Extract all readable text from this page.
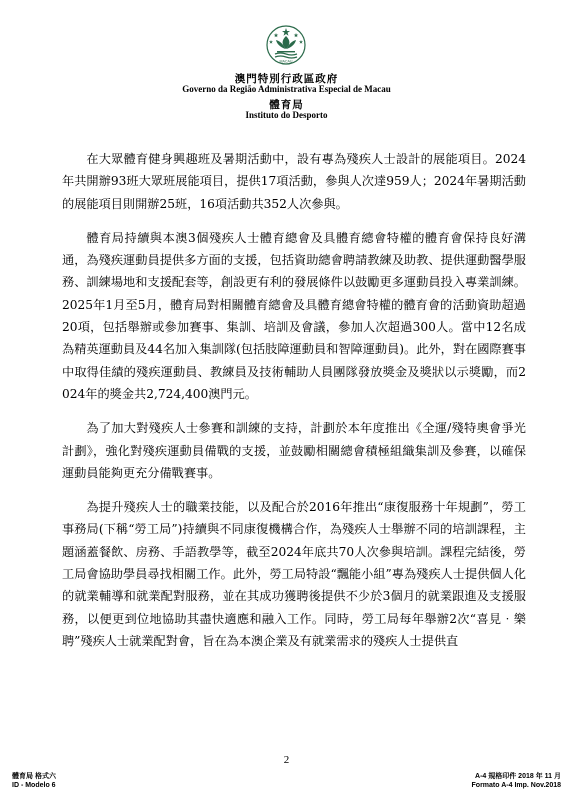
MACAU
澳門特別行政區政府
Governo da Região Administrativa Especial de Macau
體育局
Instituto do Desporto

在大眾體育健身興趣班及暑期活動中，設有專為殘疾人士設計的展能項目。2024年共開辦93班大眾班展能項目，提供17項活動，參與人次達959人；2024年暑期活動的展能項目則開辦25班，16項活動共352人次參與。

體育局持續與本澳3個殘疾人士體育總會及具體育總會特權的體育會保持良好溝通，為殘疾運動員提供多方面的支援，包括資助總會聘請教練及助教、提供運動醫學服務、訓練場地和支援配套等，創設更有利的發展條件以鼓勵更多運動員投入專業訓練。2025年1月至5月，體育局對相關體育總會及具體育總會特權的體育會的活動資助超過20項，包括舉辦或參加賽事、集訓、培訓及會議，參加人次超過300人。當中12名成為精英運動員及44名加入集訓隊(包括肢障運動員和智障運動員)。此外，對在國際賽事中取得佳績的殘疾運動員、教練員及技術輔助人員團隊發放獎金及獎狀以示獎勵，而2024年的獎金共2,724,400澳門元。

為了加大對殘疾人士參賽和訓練的支持，計劃於本年度推出《全運/殘特奧會爭光計劃》，強化對殘疾運動員備戰的支援，並鼓勵相關總會積極組織集訓及參賽，以確保運動員能夠更充分備戰賽事。

為提升殘疾人士的職業技能，以及配合於2016年推出“康復服務十年規劃”，勞工事務局(下稱“勞工局”)持續與不同康復機構合作，為殘疾人士舉辦不同的培訓課程，主題涵蓋餐飲、房務、手語教學等，截至2024年底共70人次參與培訓。課程完結後，勞工局會協助學員尋找相關工作。此外，勞工局特設“飄能小組”專為殘疾人士提供個人化的就業輔導和就業配對服務，並在其成功獲聘後提供不少於3個月的就業跟進及支援服務，以便更到位地協助其盡快適應和融入工作。同時，勞工局每年舉辦2次“喜見‧樂聘”殘疾人士就業配對會，旨在為本澳企業及有就業需求的殘疾人士提供直

2
體育局 格式六
ID - Modelo 6
A-4 規格印件 2018 年 11 月
Formato A-4 Imp. Nov.2018
